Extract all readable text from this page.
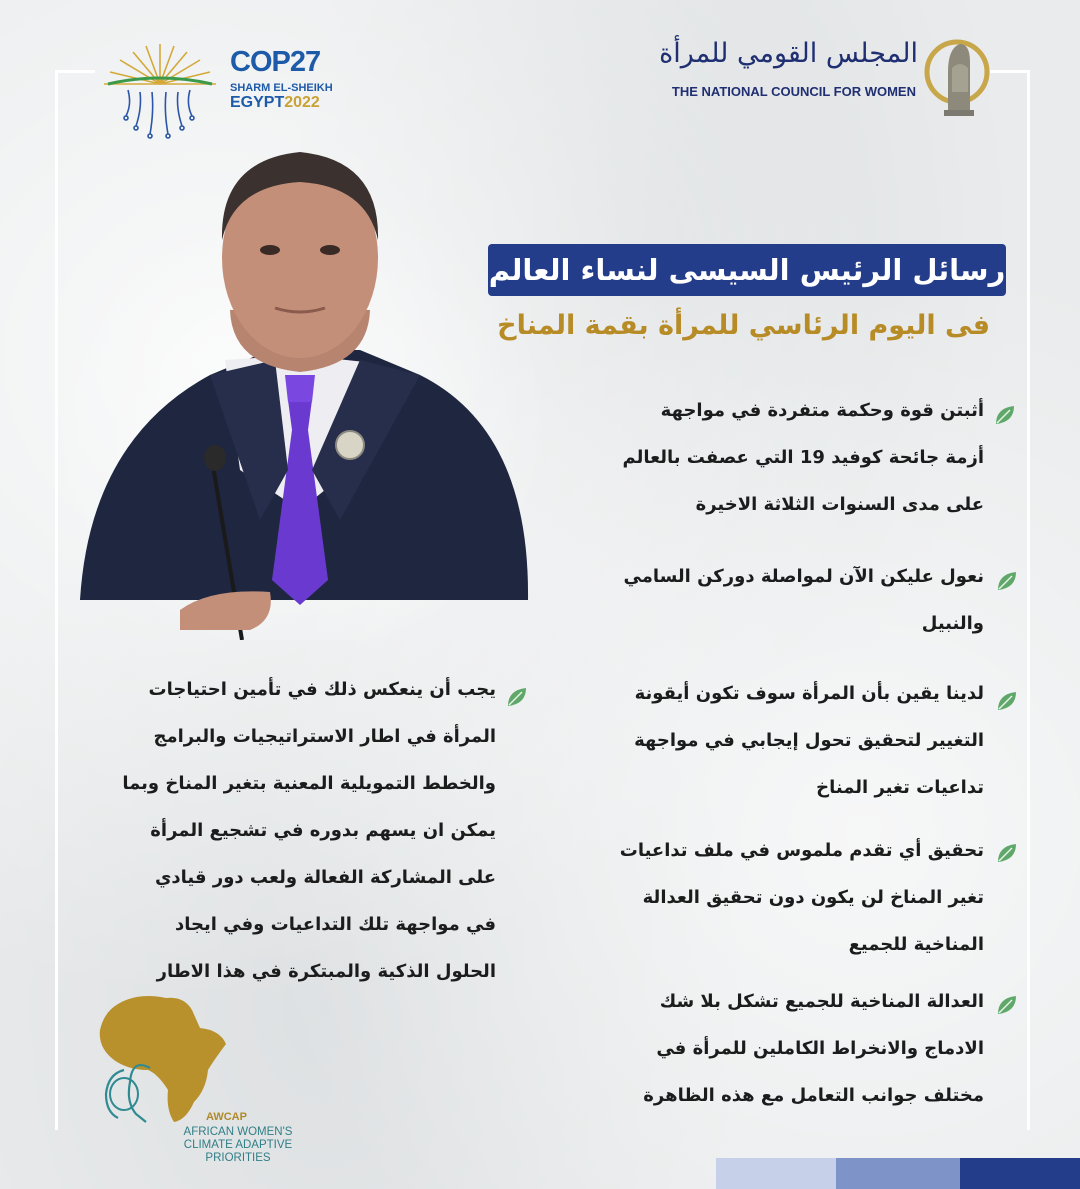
COP27
SHARM EL-SHEIKH
EGYPT2022
المجلس القومي للمرأة
THE NATIONAL COUNCIL FOR WOMEN
رسائل الرئيس السيسى لنساء العالم
فى اليوم الرئاسي للمرأة بقمة المناخ
أثبتن قوة وحكمة متفردة في مواجهة
أزمة جائحة كوفيد 19 التي عصفت بالعالم
على مدى السنوات الثلاثة الاخيرة
نعول عليكن الآن لمواصلة دوركن السامي
والنبيل
لدينا يقين بأن المرأة سوف تكون أيقونة
التغيير لتحقيق تحول إيجابي في مواجهة
تداعيات تغير المناخ
تحقيق أي تقدم ملموس في ملف تداعيات
تغير المناخ لن يكون دون تحقيق العدالة
المناخية للجميع
العدالة المناخية للجميع تشكل بلا شك
الادماج والانخراط الكاملين للمرأة في
مختلف جوانب التعامل مع هذه الظاهرة
يجب أن ينعكس ذلك في تأمين احتياجات
المرأة في اطار الاستراتيجيات والبرامج
والخطط التمويلية المعنية بتغير المناخ وبما
يمكن ان يسهم بدوره في تشجيع المرأة
على المشاركة الفعالة ولعب دور قيادي
في مواجهة تلك التداعيات وفي ايجاد
الحلول الذكية والمبتكرة في هذا الاطار
AWCAP
AFRICAN WOMEN'S
CLIMATE ADAPTIVE
PRIORITIES
